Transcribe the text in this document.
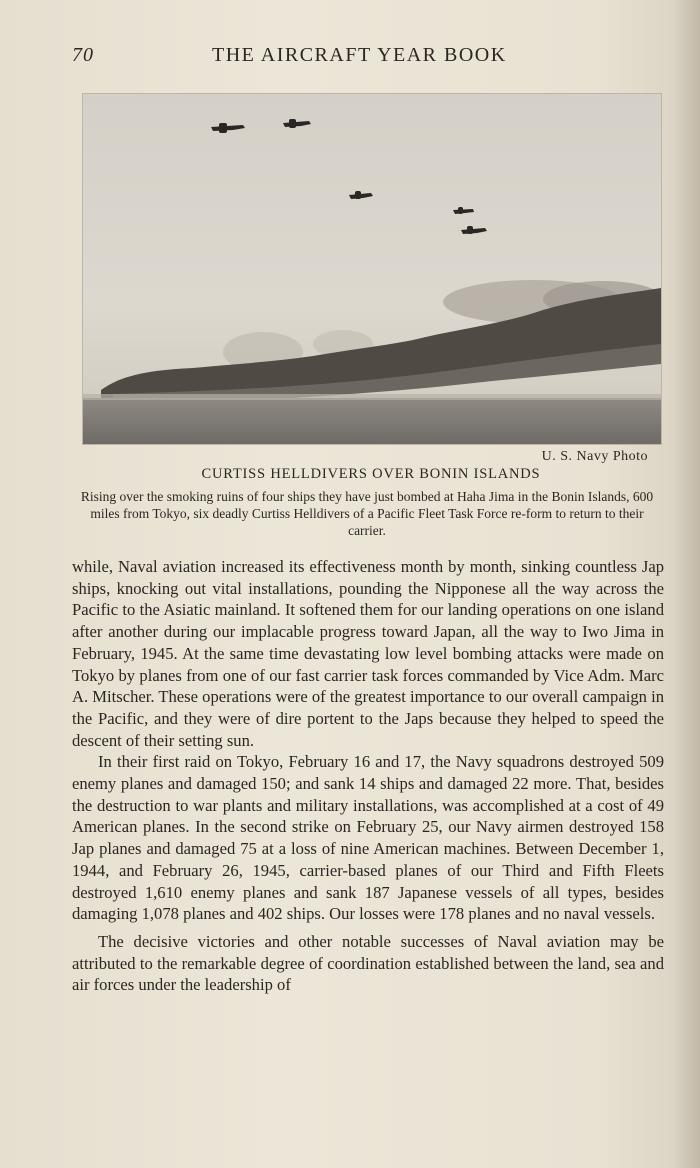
70	THE AIRCRAFT YEAR BOOK
U. S. Navy Photo
CURTISS HELLDIVERS OVER BONIN ISLANDS
Rising over the smoking ruins of four ships they have just bombed at Haha Jima in the Bonin Islands, 600 miles from Tokyo, six deadly Curtiss Helldivers of a Pacific Fleet Task Force re-form to return to their carrier.

while, Naval aviation increased its effectiveness month by month, sinking countless Jap ships, knocking out vital installations, pounding the Nipponese all the way across the Pacific to the Asiatic mainland. It softened them for our landing operations on one island after another during our implacable progress toward Japan, all the way to Iwo Jima in February, 1945. At the same time devastating low level bombing attacks were made on Tokyo by planes from one of our fast carrier task forces commanded by Vice Adm. Marc A. Mitscher. These operations were of the greatest importance to our overall campaign in the Pacific, and they were of dire portent to the Japs because they helped to speed the descent of their setting sun.

In their first raid on Tokyo, February 16 and 17, the Navy squadrons destroyed 509 enemy planes and damaged 150; and sank 14 ships and damaged 22 more. That, besides the destruction to war plants and military installations, was accomplished at a cost of 49 American planes. In the second strike on February 25, our Navy airmen destroyed 158 Jap planes and damaged 75 at a loss of nine American machines. Between December 1, 1944, and February 26, 1945, carrier-based planes of our Third and Fifth Fleets destroyed 1,610 enemy planes and sank 187 Japanese vessels of all types, besides damaging 1,078 planes and 402 ships. Our losses were 178 planes and no naval vessels.

The decisive victories and other notable successes of Naval aviation may be attributed to the remarkable degree of coordination established between the land, sea and air forces under the leadership of
